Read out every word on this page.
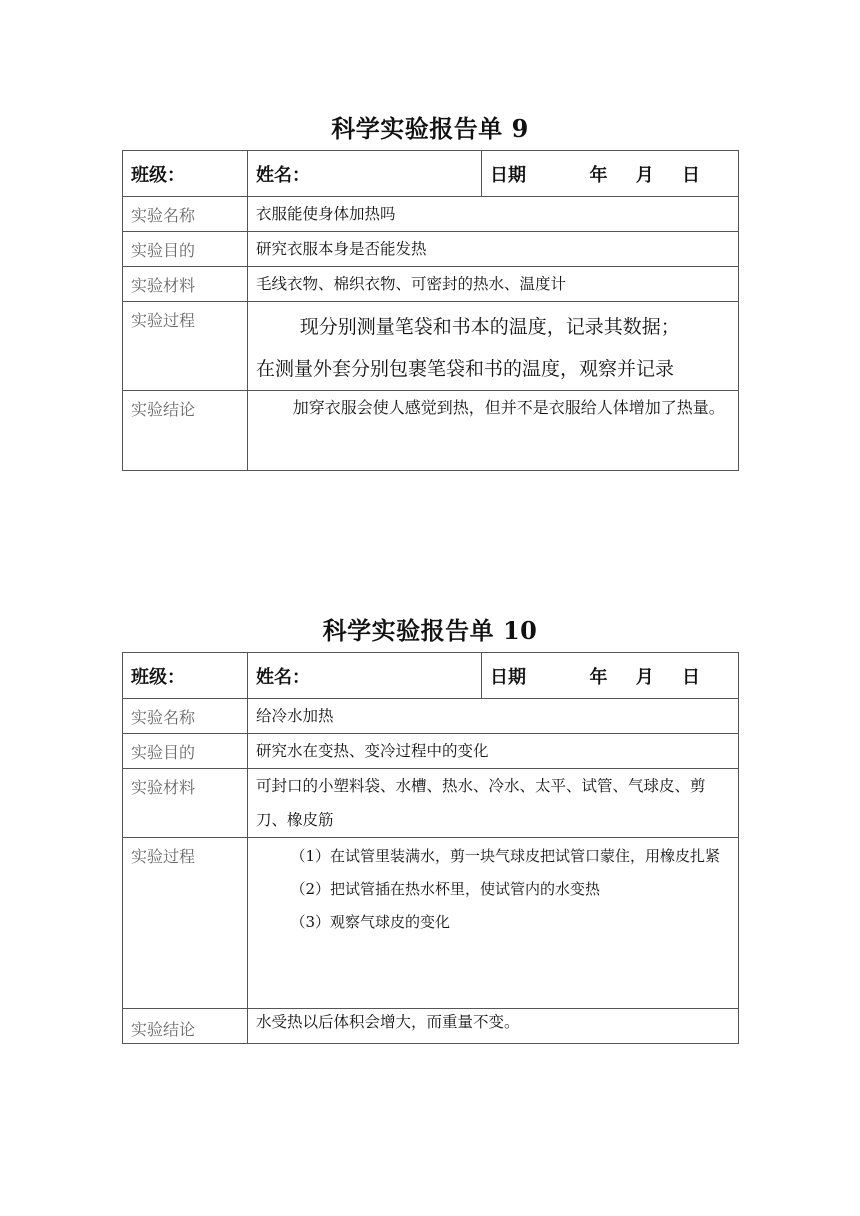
科学实验报告单 9
班级：	姓名：	日期 年 月 日

实验名称	衣服能使身体加热吗	
实验目的	研究衣服本身是否能发热	
实验材料	毛线衣物、棉织衣物、可密封的热水、温度计	
实验过程	现分别测量笔袋和书本的温度，记录其数据；
在测量外套分别包裹笔袋和书的温度，观察并记录	

实验结论	加穿衣服会使人感觉到热，但并不是衣服给人体增加了热量。	
科学实验报告单 10
班级：	姓名：	日期 年 月 日

实验名称	给冷水加热	
实验目的	研究水在变热、变冷过程中的变化	
实验材料	可封口的小塑料袋、水槽、热水、冷水、太平、试管、气球皮、剪刀、橡皮筋	
实验过程	（1）在试管里装满水，剪一块气球皮把试管口蒙住，用橡皮扎紧

（2）把试管插在热水杯里，使试管内的水变热

（3）观察气球皮的变化	

实验结论	水受热以后体积会增大，而重量不变。	
